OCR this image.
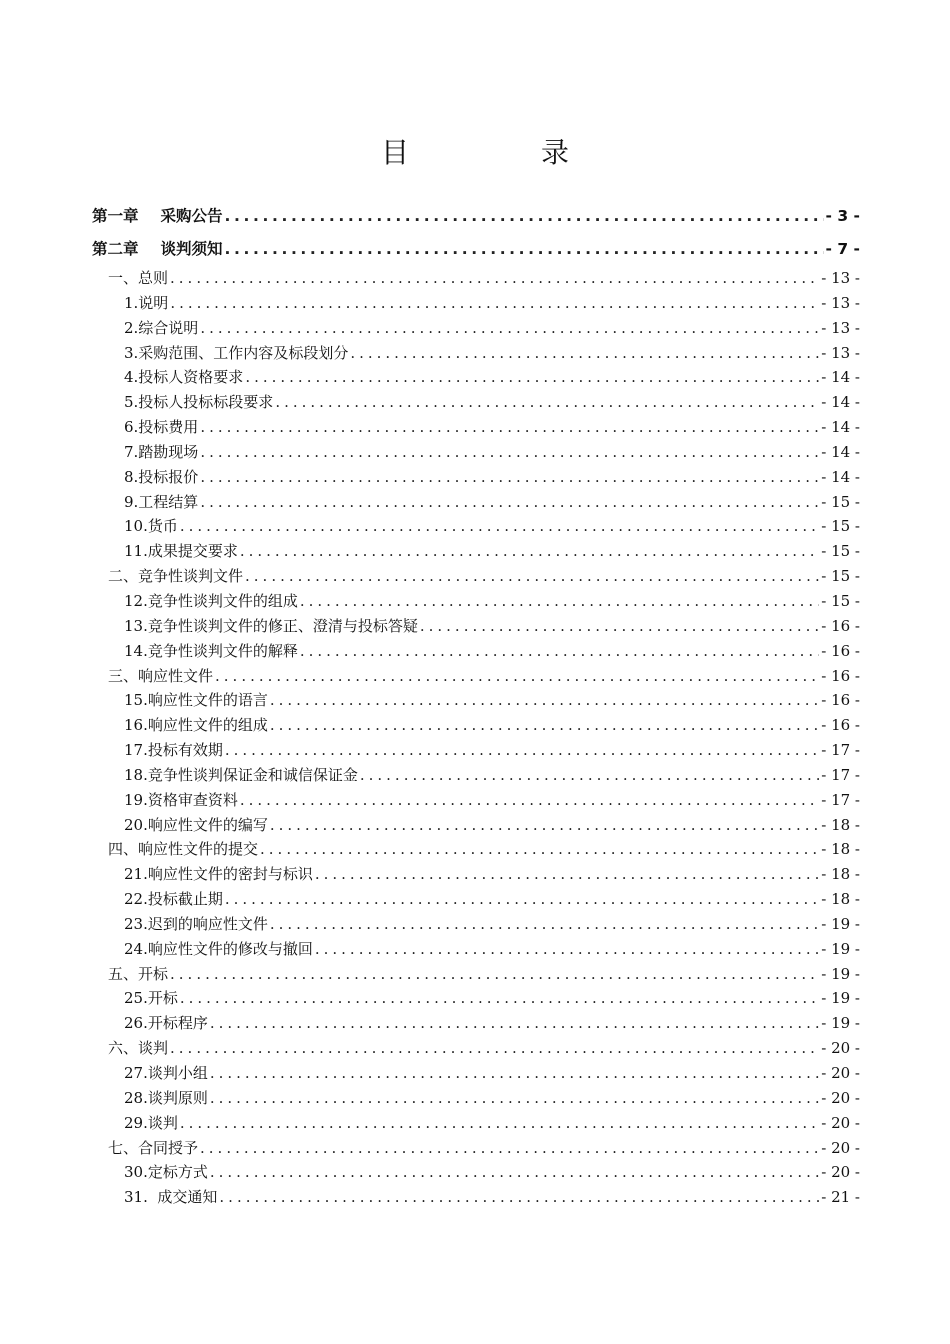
目　录
第一章 采购公告 .....	- 3 -
第二章 谈判须知 .....	- 7 -
一、总则 .....	- 13 -
1.说明 .....	- 13 -
2.综合说明 .....	- 13 -
3.采购范围、工作内容及标段划分 .....	- 13 -
4.投标人资格要求 .....	- 14 -
5.投标人投标标段要求 .....	- 14 -
6.投标费用 .....	- 14 -
7.踏勘现场 .....	- 14 -
8.投标报价 .....	- 14 -
9.工程结算 .....	- 15 -
10.货币 .....	- 15 -
11.成果提交要求 .....	- 15 -
二、竞争性谈判文件 .....	- 15 -
12.竞争性谈判文件的组成 .....	- 15 -
13.竞争性谈判文件的修正、澄清与投标答疑 .....	- 16 -
14.竞争性谈判文件的解释 .....	- 16 -
三、响应性文件 .....	- 16 -
15.响应性文件的语言 .....	- 16 -
16.响应性文件的组成 .....	- 16 -
17.投标有效期 .....	- 17 -
18.竞争性谈判保证金和诚信保证金 .....	- 17 -
19.资格审查资料 .....	- 17 -
20.响应性文件的编写 .....	- 18 -
四、响应性文件的提交 .....	- 18 -
21.响应性文件的密封与标识 .....	- 18 -
22.投标截止期 .....	- 18 -
23.迟到的响应性文件 .....	- 19 -
24.响应性文件的修改与撤回 .....	- 19 -
五、开标 .....	- 19 -
25.开标 .....	- 19 -
26.开标程序 .....	- 19 -
六、谈判 .....	- 20 -
27.谈判小组 .....	- 20 -
28.谈判原则 .....	- 20 -
29.谈判 .....	- 20 -
七、合同授予 .....	- 20 -
30.定标方式 .....	- 20 -
31.  成交通知 .....	- 21 -
